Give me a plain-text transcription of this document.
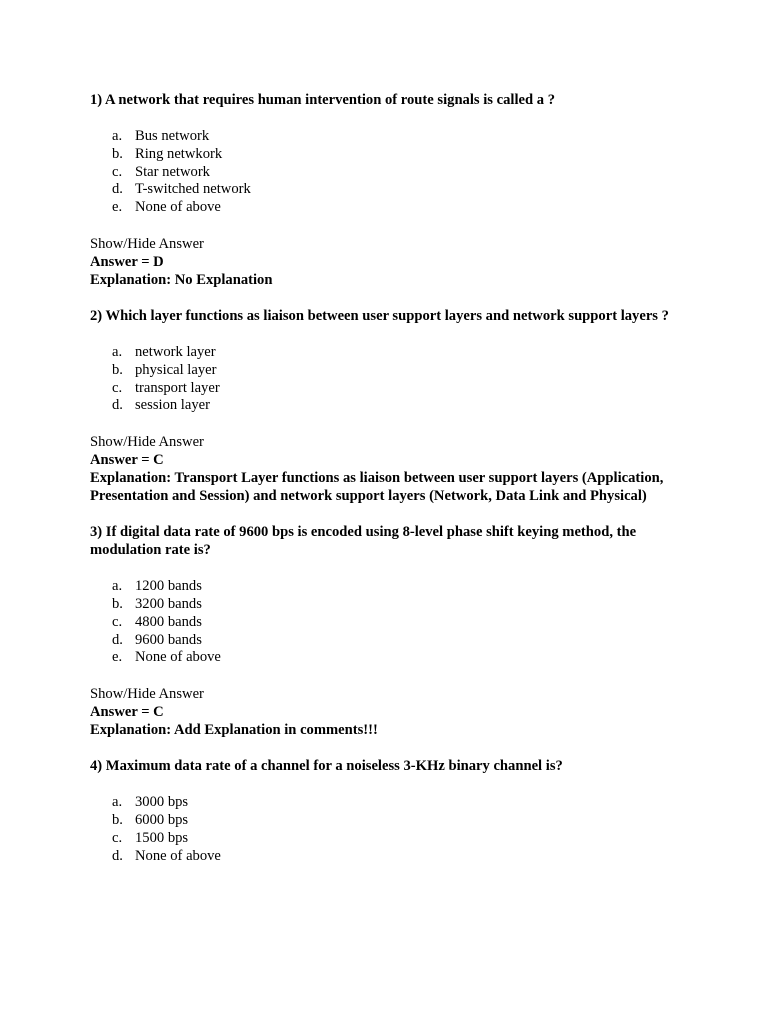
1) A network that requires human intervention of route signals is called a ?

a. Bus network
b. Ring netwkork
c. Star network
d. T-switched network
e. None of above
Show/Hide Answer
Answer = D
Explanation: No Explanation

2) Which layer functions as liaison between user support layers and network support layers ?

a. network layer
b. physical layer
c. transport layer
d. session layer
Show/Hide Answer
Answer = C
Explanation: Transport Layer functions as liaison between user support layers (Application, Presentation and Session) and network support layers (Network, Data Link and Physical)

3) If digital data rate of 9600 bps is encoded using 8-level phase shift keying method, the modulation rate is?

a. 1200 bands
b. 3200 bands
c. 4800 bands
d. 9600 bands
e. None of above
Show/Hide Answer
Answer = C
Explanation: Add Explanation in comments!!!

4) Maximum data rate of a channel for a noiseless 3-KHz binary channel is?

a. 3000 bps
b. 6000 bps
c. 1500 bps
d. None of above
